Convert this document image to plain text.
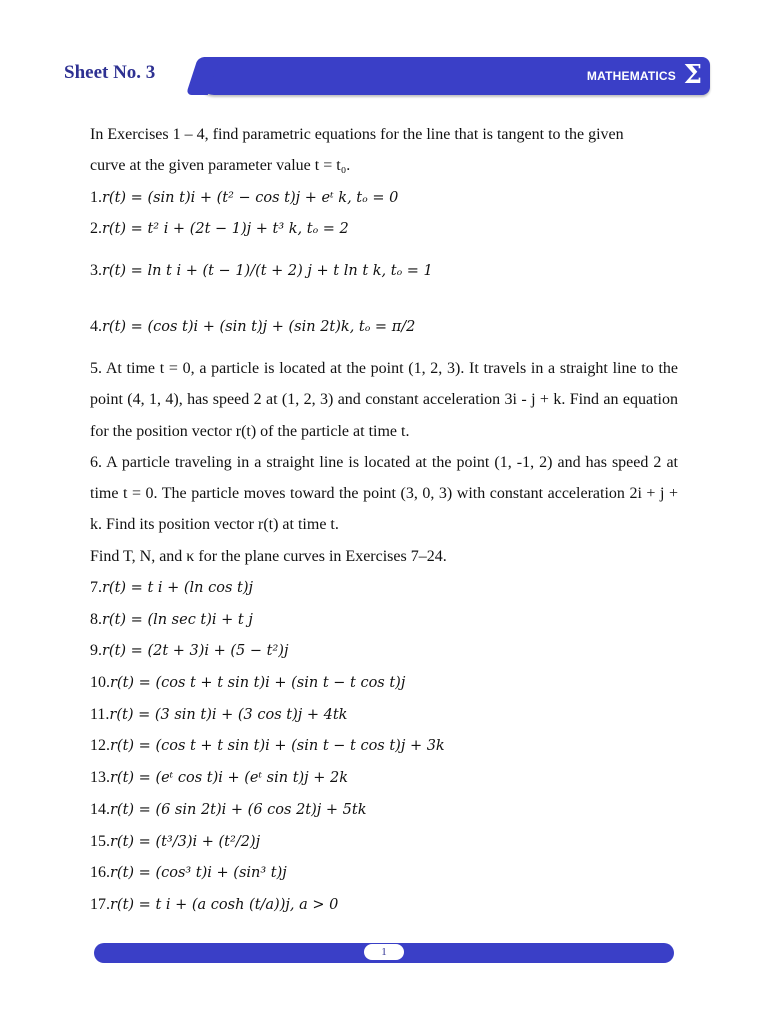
Sheet No. 3	MATHEMATICS Σ

In Exercises 1 – 4, find parametric equations for the line that is tangent to the given
curve at the given parameter value t = t₀.

1.r(t) = (sin t)i + (t² − cos t)j + eᵗ k, tₒ = 0
2.r(t) = t² i + (2t − 1)j + t³ k, tₒ = 2
3.r(t) = ln t i + (t − 1)/(t + 2) j + t ln t k, tₒ = 1
4.r(t) = (cos t)i + (sin t)j + (sin 2t)k, tₒ = π/2

5. At time t = 0, a particle is located at the point (1, 2, 3). It travels in a straight line to the point (4, 1, 4), has speed 2 at (1, 2, 3) and constant acceleration 3i - j + k. Find an equation for the position vector r(t) of the particle at time t.

6. A particle traveling in a straight line is located at the point (1, -1, 2) and has speed 2 at time t = 0. The particle moves toward the point (3, 0, 3) with constant acceleration 2i + j + k. Find its position vector r(t) at time t.

Find T, N, and κ for the plane curves in Exercises 7–24.

7.r(t) = t i + (ln cos t)j
8.r(t) = (ln sec t)i + t j
9.r(t) = (2t + 3)i + (5 − t²)j
10.r(t) = (cos t + t sin t)i + (sin t − t cos t)j
11.r(t) = (3 sin t)i + (3 cos t)j + 4tk
12.r(t) = (cos t + t sin t)i + (sin t − t cos t)j + 3k
13.r(t) = (eᵗ cos t)i + (eᵗ sin t)j + 2k
14.r(t) = (6 sin 2t)i + (6 cos 2t)j + 5tk
15.r(t) = (t³/3)i + (t²/2)j
16.r(t) = (cos³ t)i + (sin³ t)j
17.r(t) = t i + (a cosh (t/a))j, a > 0
1
